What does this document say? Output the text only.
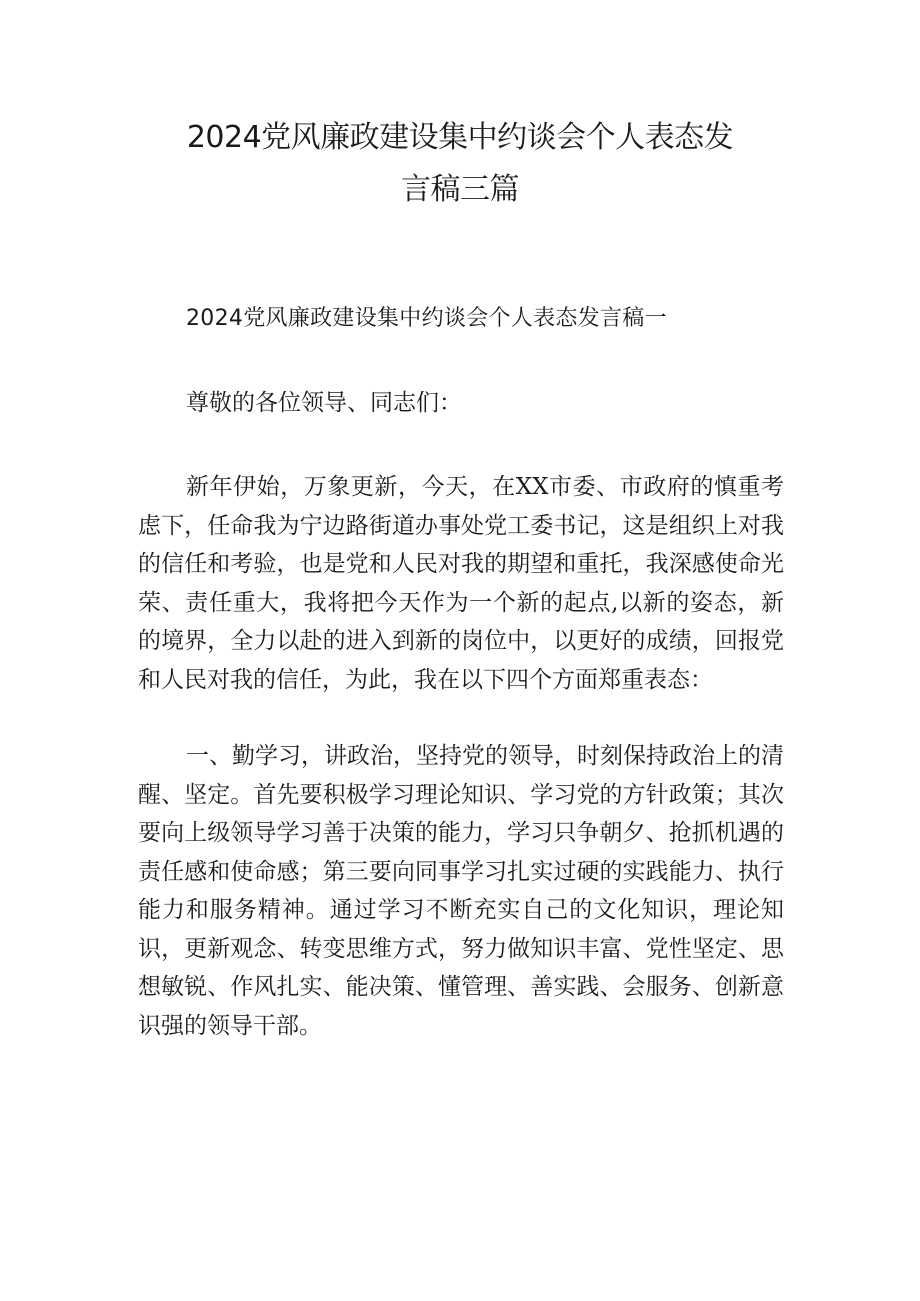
2024党风廉政建设集中约谈会个人表态发
言稿三篇

2024党风廉政建设集中约谈会个人表态发言稿一

尊敬的各位领导、同志们：

新年伊始，万象更新，今天，在XX市委、市政府的慎重考虑下，任命我为宁边路街道办事处党工委书记，这是组织上对我的信任和考验，也是党和人民对我的期望和重托，我深感使命光荣、责任重大，我将把今天作为一个新的起点,以新的姿态，新的境界，全力以赴的进入到新的岗位中，以更好的成绩，回报党和人民对我的信任，为此，我在以下四个方面郑重表态：

一、勤学习，讲政治，坚持党的领导，时刻保持政治上的清醒、坚定。首先要积极学习理论知识、学习党的方针政策；其次要向上级领导学习善于决策的能力，学习只争朝夕、抢抓机遇的责任感和使命感；第三要向同事学习扎实过硬的实践能力、执行能力和服务精神。通过学习不断充实自己的文化知识，理论知识，更新观念、转变思维方式，努力做知识丰富、党性坚定、思想敏锐、作风扎实、能决策、懂管理、善实践、会服务、创新意识强的领导干部。
